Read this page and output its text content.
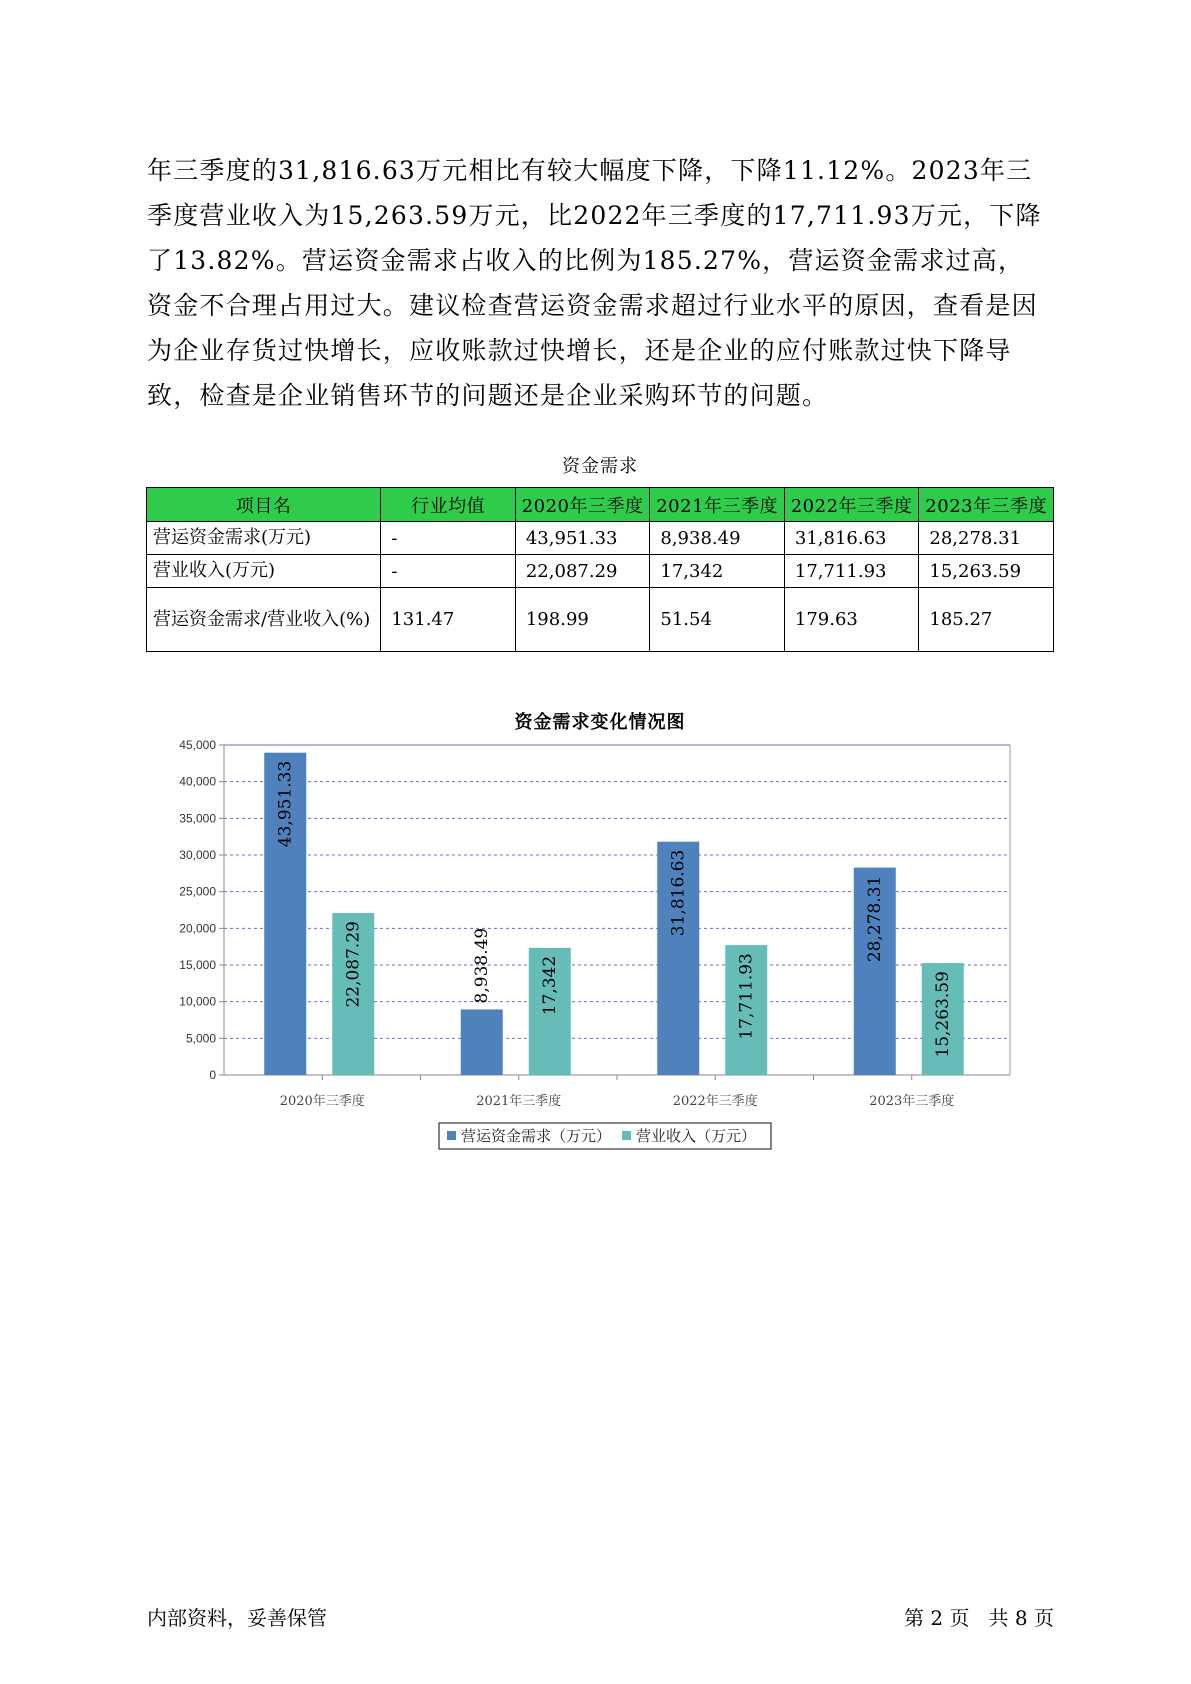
年三季度的31,816.63万元相比有较大幅度下降，下降11.12%。2023年三季度营业收入为15,263.59万元，比2022年三季度的17,711.93万元，下降了13.82%。营运资金需求占收入的比例为185.27%，营运资金需求过高，资金不合理占用过大。建议检查营运资金需求超过行业水平的原因，查看是因为企业存货过快增长，应收账款过快增长，还是企业的应付账款过快下降导致，检查是企业销售环节的问题还是企业采购环节的问题。

资金需求
项目名	行业均值	2020年三季度	2021年三季度	2022年三季度	2023年三季度
营运资金需求(万元)	-	43,951.33	8,938.49	31,816.63	28,278.31
营业收入(万元)	-	22,087.29	17,342	17,711.93	15,263.59
营运资金需求/营业收入(%)	131.47	198.99	51.54	179.63	185.27
资金需求变化情况图
0
5,000
10,000
15,000
20,000
25,000
30,000
35,000
40,000
45,000
2020年三季度
43,951.33
22,087.29
2021年三季度
8,938.49	17,342
2022年三季度
31,816.63
17,711.93
2023年三季度
28,278.31
15,263.59
营运资金需求（万元） 营业收入（万元）
内部资料，妥善保管	第 2 页   共 8 页
